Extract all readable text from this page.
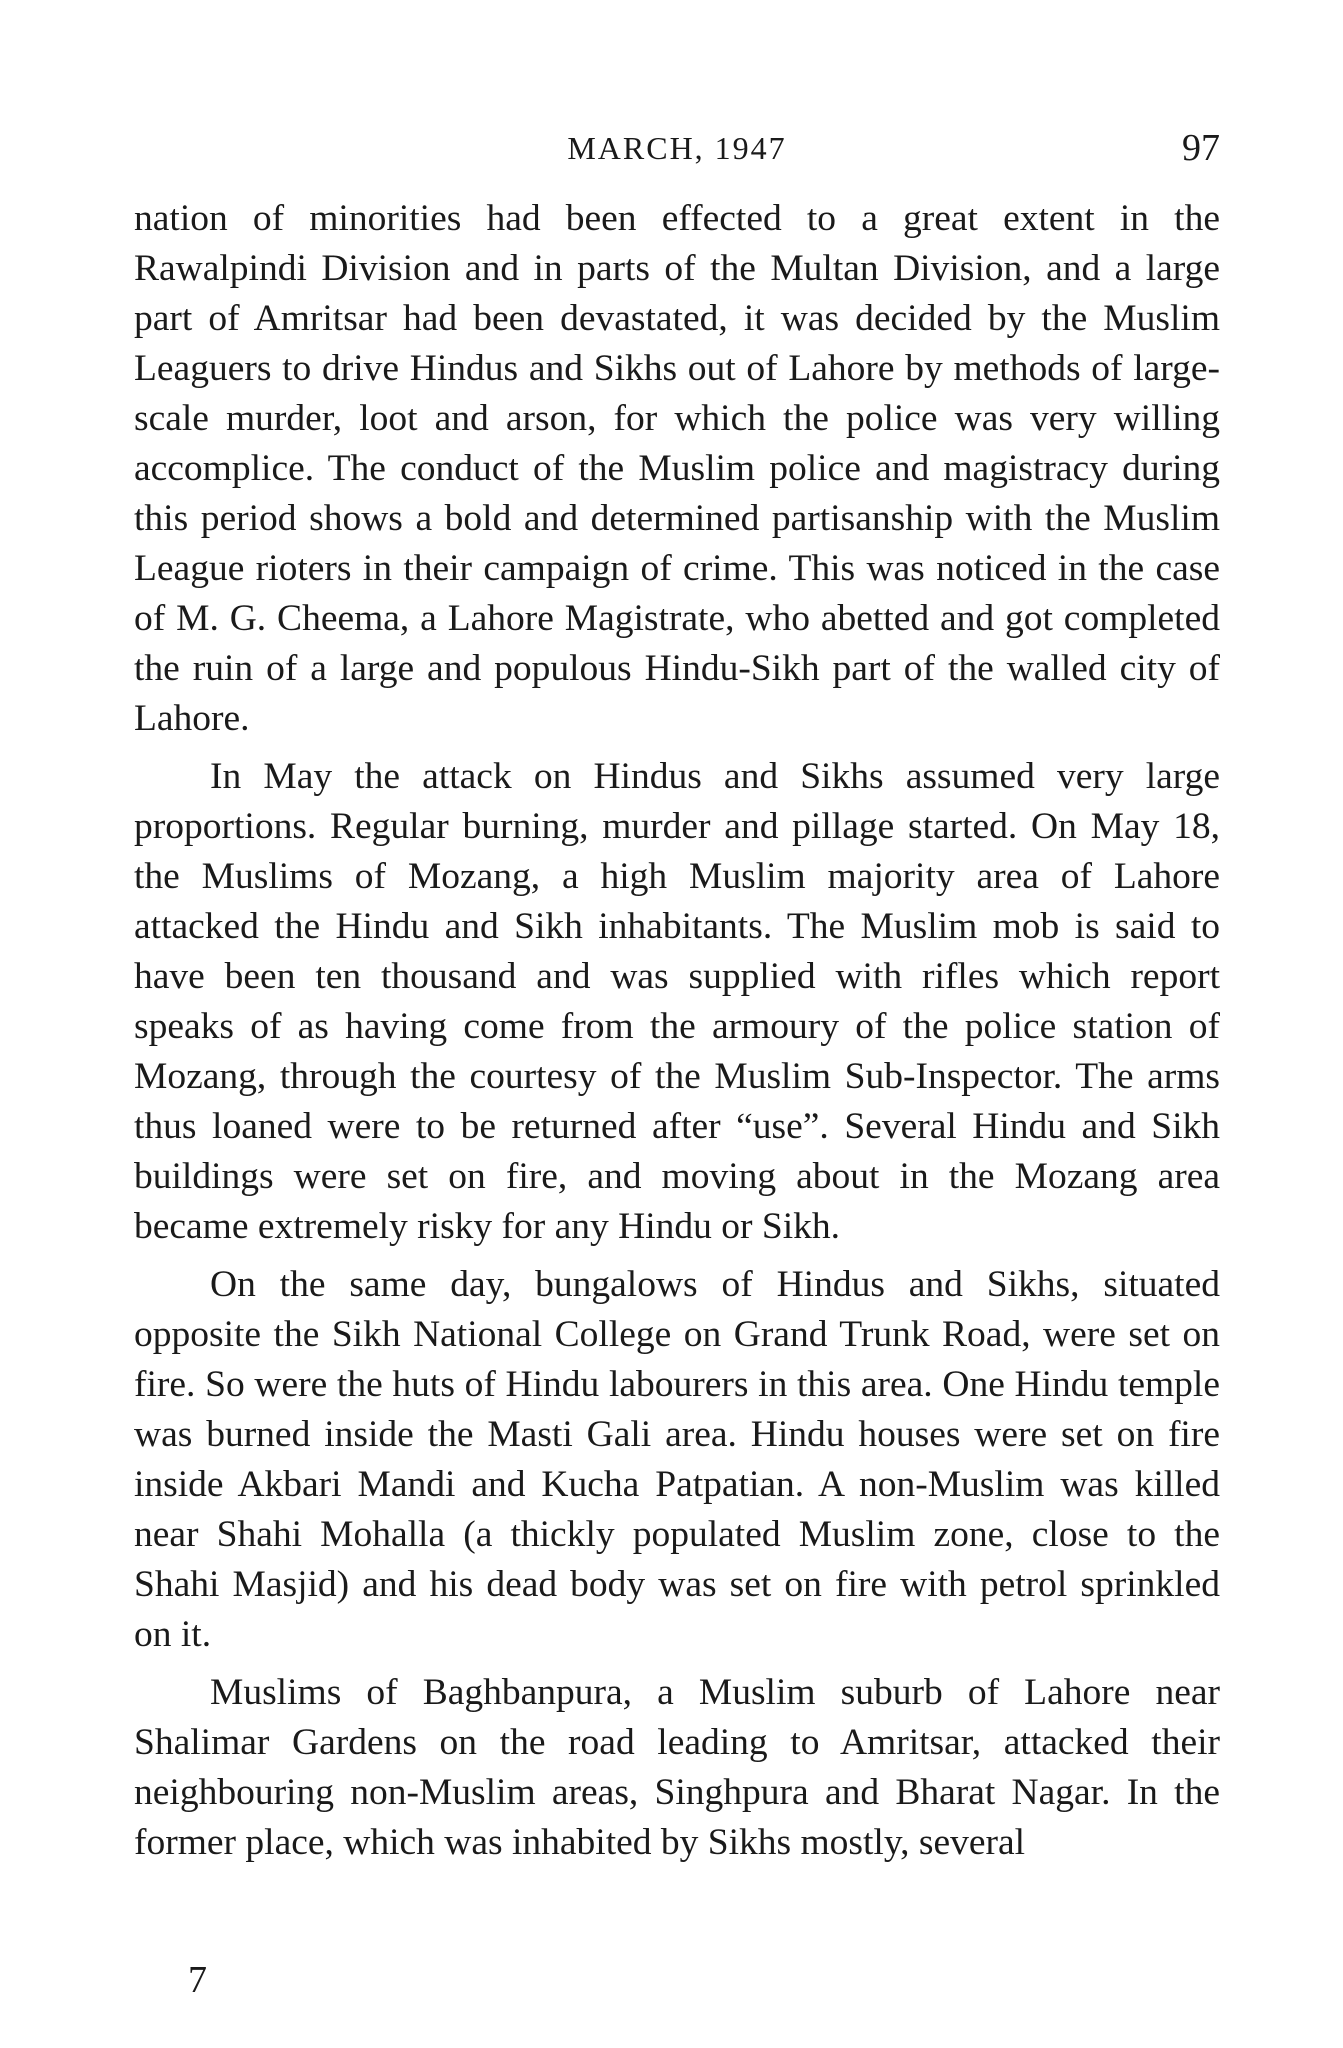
MARCH, 1947	97

nation of minorities had been effected to a great extent in the Rawalpindi Division and in parts of the Multan Division, and a large part of Amritsar had been devastated, it was decided by the Muslim Leaguers to drive Hindus and Sikhs out of Lahore by methods of large-scale murder, loot and arson, for which the police was very willing accomplice. The conduct of the Muslim police and magistracy during this period shows a bold and determined partisanship with the Muslim League rioters in their campaign of crime. This was noticed in the case of M. G. Cheema, a Lahore Magistrate, who abetted and got completed the ruin of a large and populous Hindu-Sikh part of the walled city of Lahore.

In May the attack on Hindus and Sikhs assumed very large proportions. Regular burning, murder and pillage started. On May 18, the Muslims of Mozang, a high Muslim majority area of Lahore attacked the Hindu and Sikh inhabitants. The Muslim mob is said to have been ten thousand and was supplied with rifles which report speaks of as having come from the armoury of the police station of Mozang, through the courtesy of the Muslim Sub-Inspector. The arms thus loaned were to be returned after “use”. Several Hindu and Sikh buildings were set on fire, and moving about in the Mozang area became extremely risky for any Hindu or Sikh.

On the same day, bungalows of Hindus and Sikhs, situated opposite the Sikh National College on Grand Trunk Road, were set on fire. So were the huts of Hindu labourers in this area. One Hindu temple was burned inside the Masti Gali area. Hindu houses were set on fire inside Akbari Mandi and Kucha Patpatian. A non-Muslim was killed near Shahi Mohalla (a thickly populated Muslim zone, close to the Shahi Masjid) and his dead body was set on fire with petrol sprinkled on it.

Muslims of Baghbanpura, a Muslim suburb of Lahore near Shalimar Gardens on the road leading to Amritsar, attacked their neighbouring non-Muslim areas, Singhpura and Bharat Nagar. In the former place, which was inhabited by Sikhs mostly, several

7
